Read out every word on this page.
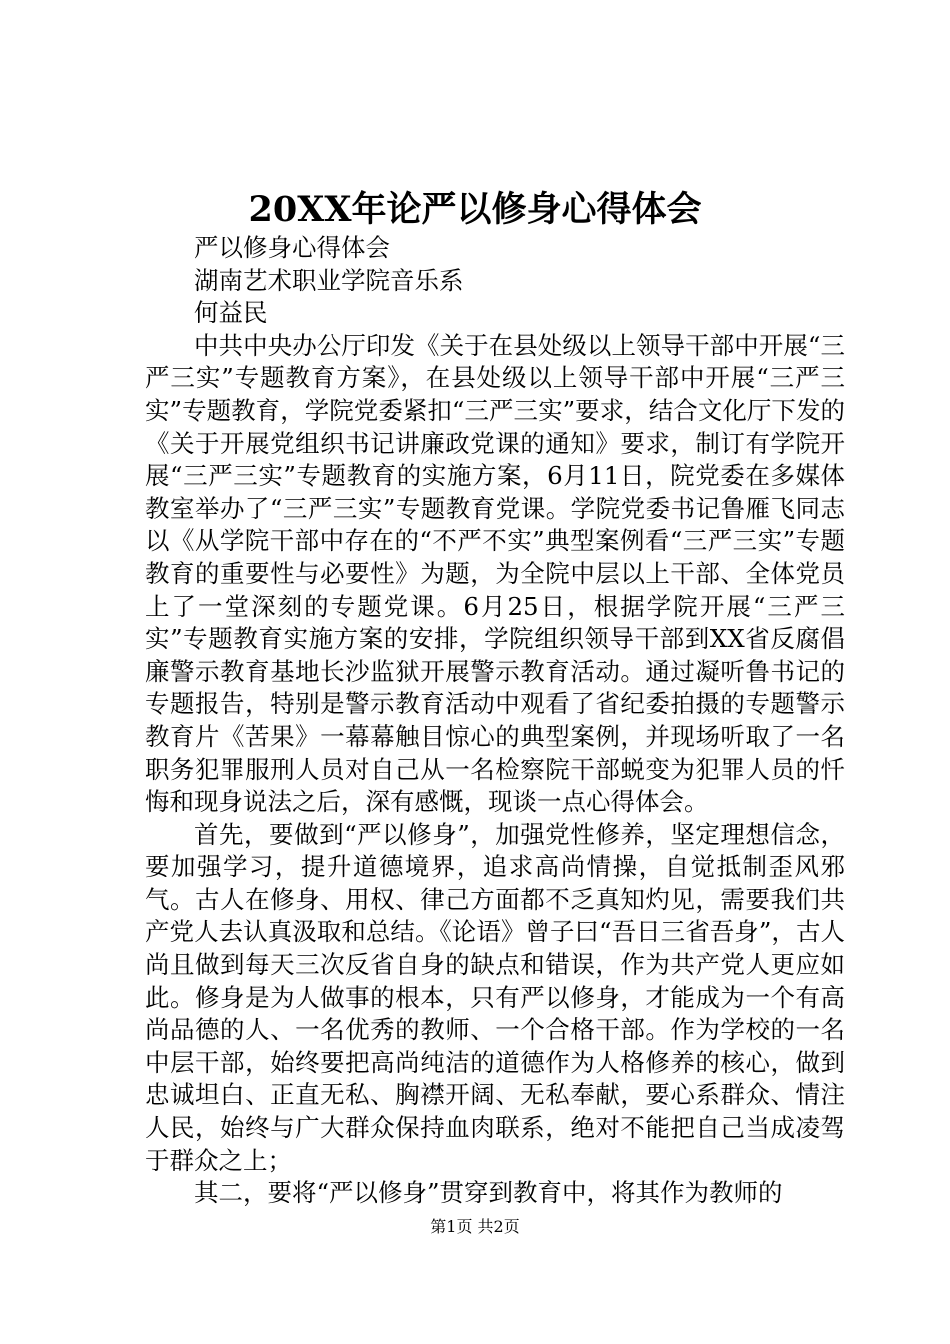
20XX年论严以修身心得体会

严以修身心得体会

湖南艺术职业学院音乐系

何益民

中共中央办公厅印发《关于在县处级以上领导干部中开展“三严三实”专题教育方案》，在县处级以上领导干部中开展“三严三实”专题教育，学院党委紧扣“三严三实”要求，结合文化厅下发的《关于开展党组织书记讲廉政党课的通知》要求，制订有学院开展“三严三实”专题教育的实施方案，6月11日，院党委在多媒体教室举办了“三严三实”专题教育党课。学院党委书记鲁雁飞同志以《从学院干部中存在的“不严不实”典型案例看“三严三实”专题教育的重要性与必要性》为题，为全院中层以上干部、全体党员上了一堂深刻的专题党课。6月25日，根据学院开展“三严三实”专题教育实施方案的安排，学院组织领导干部到XX省反腐倡廉警示教育基地长沙监狱开展警示教育活动。通过凝听鲁书记的专题报告，特别是警示教育活动中观看了省纪委拍摄的专题警示教育片《苦果》一幕幕触目惊心的典型案例，并现场听取了一名职务犯罪服刑人员对自己从一名检察院干部蜕变为犯罪人员的忏悔和现身说法之后，深有感慨，现谈一点心得体会。

首先，要做到“严以修身”，加强党性修养，坚定理想信念，要加强学习，提升道德境界，追求高尚情操，自觉抵制歪风邪气。古人在修身、用权、律己方面都不乏真知灼见，需要我们共产党人去认真汲取和总结。《论语》曾子曰“吾日三省吾身”，古人尚且做到每天三次反省自身的缺点和错误，作为共产党人更应如此。修身是为人做事的根本，只有严以修身，才能成为一个有高尚品德的人、一名优秀的教师、一个合格干部。作为学校的一名中层干部，始终要把高尚纯洁的道德作为人格修养的核心，做到忠诚坦白、正直无私、胸襟开阔、无私奉献，要心系群众、情注人民，始终与广大群众保持血肉联系，绝对不能把自己当成凌驾于群众之上；

其二，要将“严以修身”贯穿到教育中，将其作为教师的

第1页 共2页
